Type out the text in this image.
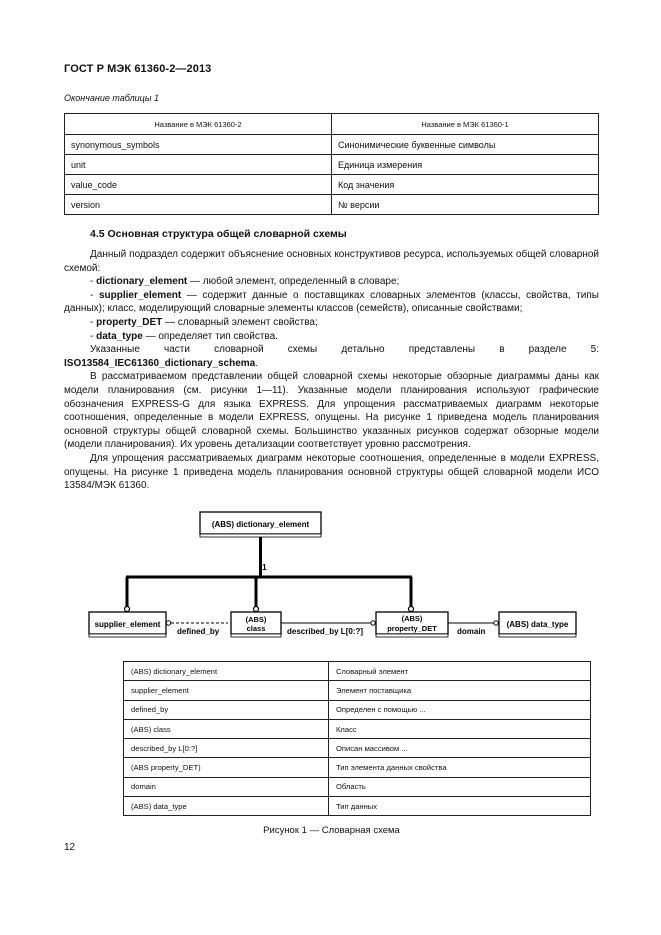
ГОСТ Р МЭК 61360-2—2013
Окончание таблицы 1
Название в МЭК 61360-2	Название в МЭК 61360-1
synonymous_symbols	Синонимические буквенные символы
unit	Единица измерения
value_code	Код значения
version	№ версии
4.5 Основная структура общей словарной схемы

Данный подраздел содержит объяснение основных конструктивов ресурса, используемых общей словарной схемой:

- dictionary_element — любой элемент, определенный в словаре;

- supplier_element — содержит данные о поставщиках словарных элементов (классы, свойства, типы данных); класс, моделирующий словарные элементы классов (семейств), описанные свойствами;

- property_DET — словарный элемент свойства;

- data_type — определяет тип свойства.

Указанные части словарной схемы детально представлены в разделе 5: ISO13584_IEC61360_dictionary_schema.

В рассматриваемом представлении общей словарной схемы некоторые обзорные диаграммы даны как модели планирования (см. рисунки 1—11). Указанные модели планирования используют графические обозначения EXPRESS-G для языка EXPRESS. Для упрощения рассматриваемых диаграмм некоторые соотношения, определенные в модели EXPRESS, опущены. На рисунке 1 приведена модель планирования основной структуры общей словарной схемы. Большинство указанных рисунков содержат обзорные модели (модели планирования). Их уровень детализации соответствует уровню рассмотрения.

Для упрощения рассматриваемых диаграмм некоторые соотношения, определенные в модели EXPRESS, опущены. На рисунке 1 приведена модель планирования основной структуры общей словарной модели ИСО 13584/МЭК 61360.

(ABS) dictionary_element
1
supplier_element
(ABS)
class
(ABS)
property_DET	(ABS) data_type
defined_by	described_by L[0:?]	domain
(ABS) dictionary_element	Словарный элемент
supplier_element	Элемент поставщика
defined_by	Определен с помощью ...
(ABS) class	Класс
described_by L[0:?]	Описан массивом ...
(ABS property_DET)	Тип элемента данных свойства
domain	Область
(ABS) data_type	Тип данных
Рисунок 1 — Словарная схема
12
